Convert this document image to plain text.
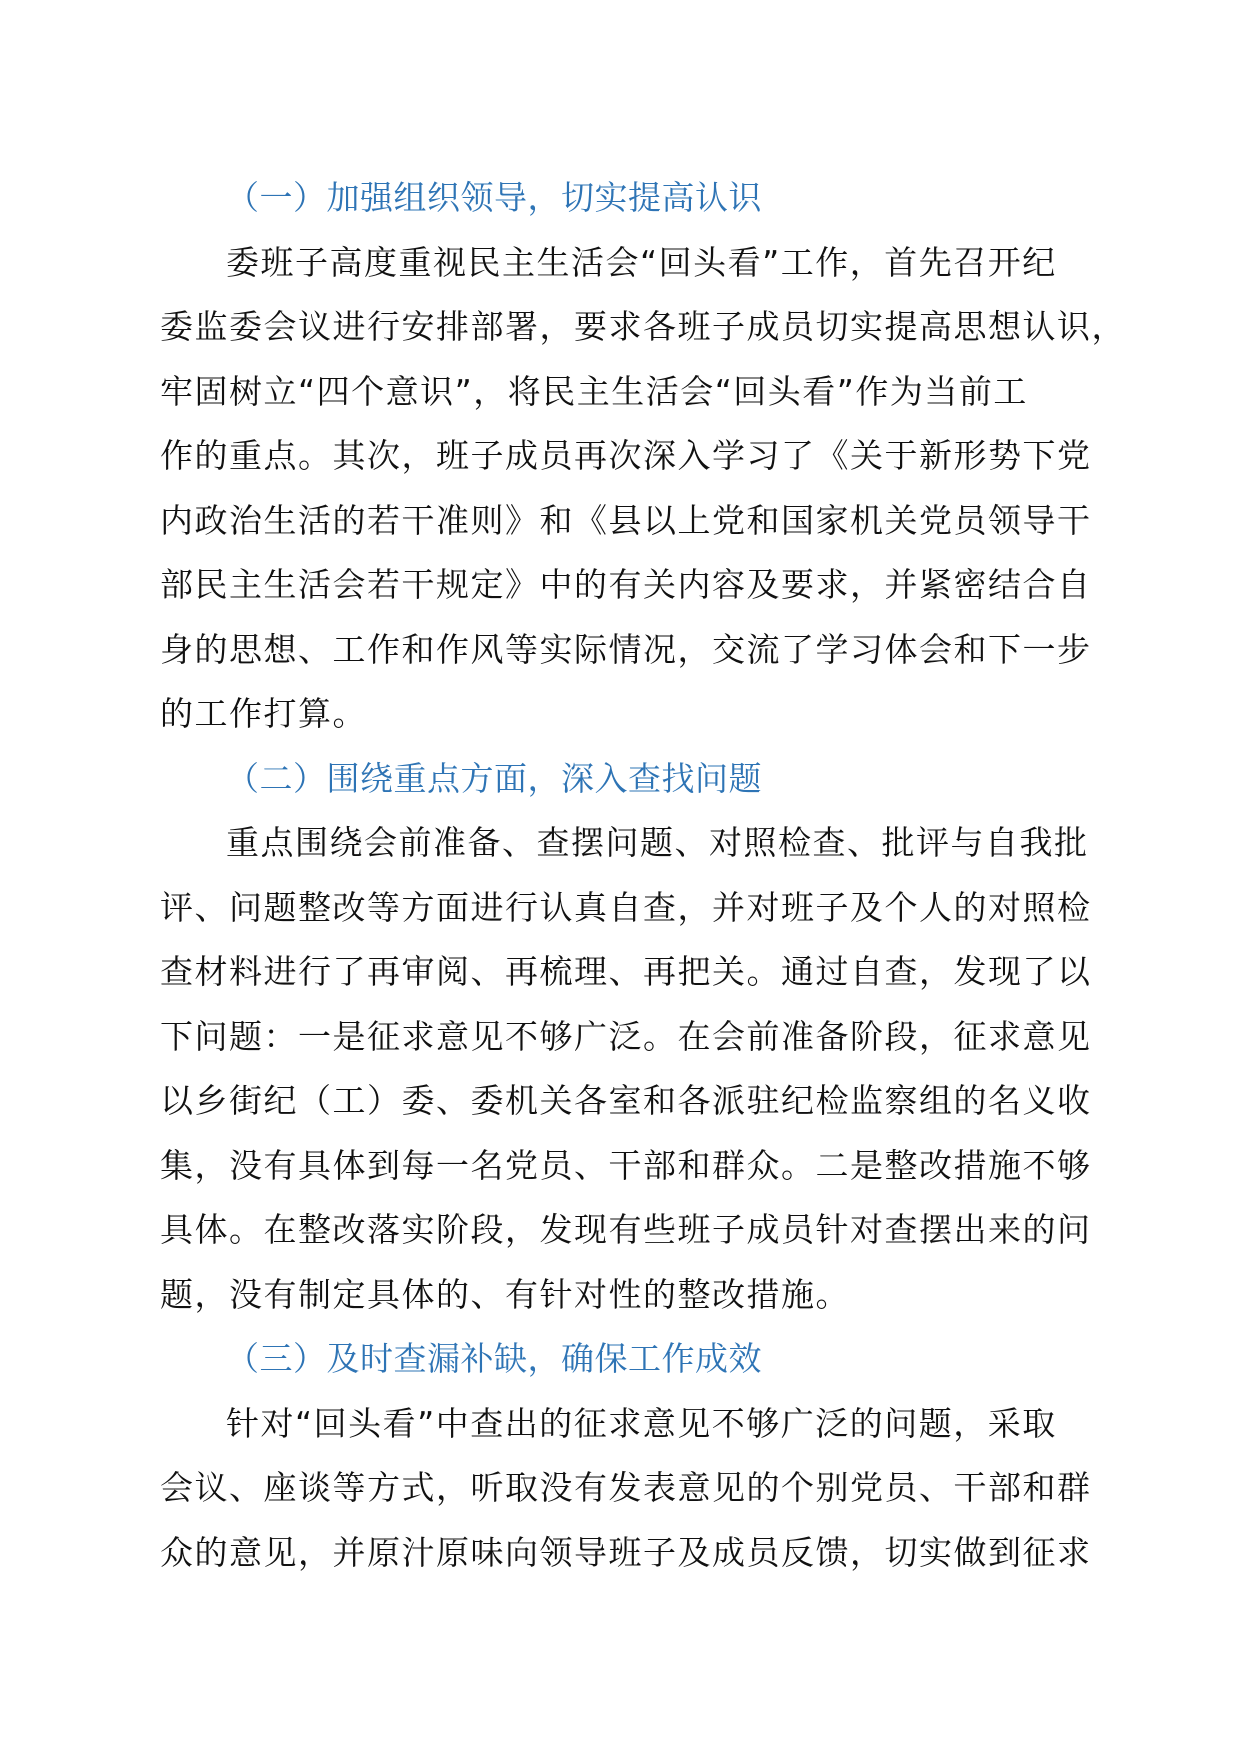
（一）加强组织领导，切实提高认识
委班子高度重视民主生活会“回头看”工作，首先召开纪
委监委会议进行安排部署，要求各班子成员切实提高思想认识，
牢固树立“四个意识”，将民主生活会“回头看”作为当前工
作的重点。其次，班子成员再次深入学习了《关于新形势下党
内政治生活的若干准则》和《县以上党和国家机关党员领导干
部民主生活会若干规定》中的有关内容及要求，并紧密结合自
身的思想、工作和作风等实际情况，交流了学习体会和下一步
的工作打算。
（二）围绕重点方面，深入查找问题
重点围绕会前准备、查摆问题、对照检查、批评与自我批
评、问题整改等方面进行认真自查，并对班子及个人的对照检
查材料进行了再审阅、再梳理、再把关。通过自查，发现了以
下问题：一是征求意见不够广泛。在会前准备阶段，征求意见
以乡街纪（工）委、委机关各室和各派驻纪检监察组的名义收
集，没有具体到每一名党员、干部和群众。二是整改措施不够
具体。在整改落实阶段，发现有些班子成员针对查摆出来的问
题，没有制定具体的、有针对性的整改措施。
（三）及时查漏补缺，确保工作成效
针对“回头看”中查出的征求意见不够广泛的问题，采取
会议、座谈等方式，听取没有发表意见的个别党员、干部和群
众的意见，并原汁原味向领导班子及成员反馈，切实做到征求
